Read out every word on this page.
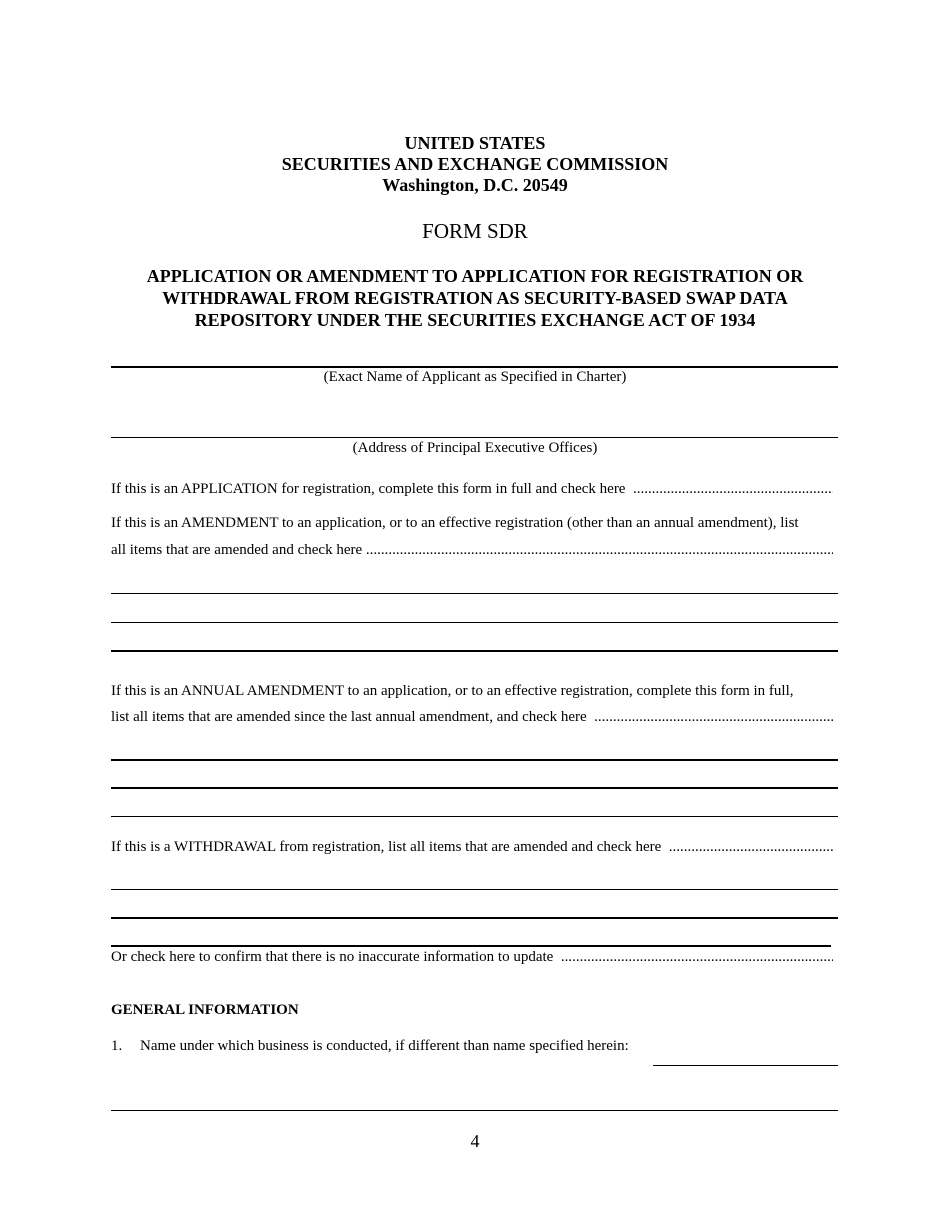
UNITED STATES
SECURITIES AND EXCHANGE COMMISSION
Washington, D.C. 20549
FORM SDR
APPLICATION OR AMENDMENT TO APPLICATION FOR REGISTRATION OR
WITHDRAWAL FROM REGISTRATION AS SECURITY-BASED SWAP DATA
REPOSITORY UNDER THE SECURITIES EXCHANGE ACT OF 1934
(Exact Name of Applicant as Specified in Charter)
(Address of Principal Executive Offices)
If this is an APPLICATION for registration, complete this form in full and check here  .....
If this is an AMENDMENT to an application, or to an effective registration (other than an annual amendment), list
all items that are amended and check here .....
If this is an ANNUAL AMENDMENT to an application, or to an effective registration, complete this form in full,
list all items that are amended since the last annual amendment, and check here  .....
If this is a WITHDRAWAL from registration, list all items that are amended and check here  .....
Or check here to confirm that there is no inaccurate information to update  .....
GENERAL INFORMATION
1. Name under which business is conducted, if different than name specified herein:
4
